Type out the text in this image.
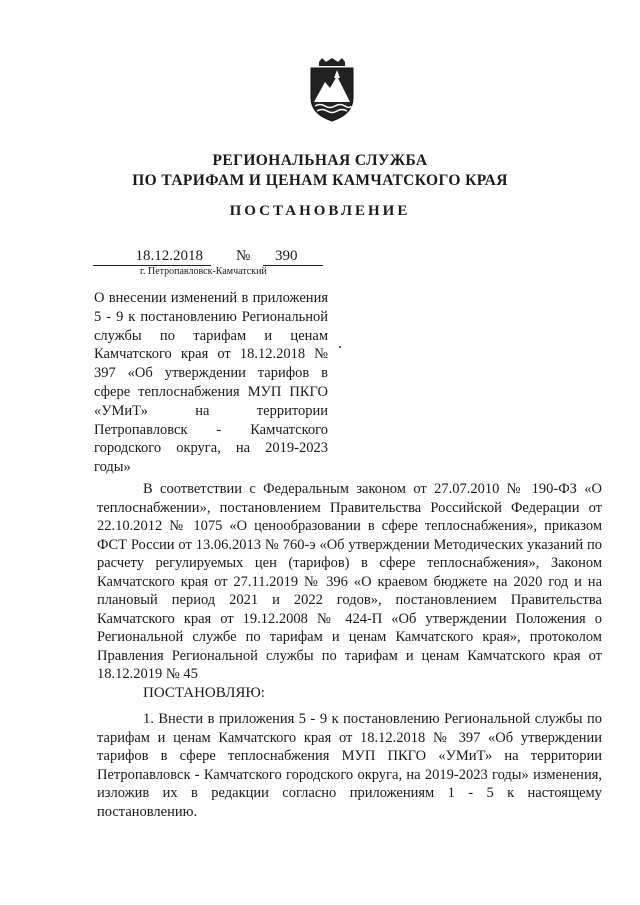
РЕГИОНАЛЬНАЯ СЛУЖБА
ПО ТАРИФАМ И ЦЕНАМ КАМЧАТСКОГО КРАЯ
ПОСТАНОВЛЕНИЕ
18.12.2018	№	390
г. Петропавловск-Камчатский
О внесении изменений в приложения 5 - 9 к постановлению Региональной службы по тарифам и ценам Камчатского края от 18.12.2018 № 397 «Об утверждении тарифов в сфере теплоснабжения МУП ПКГО «УМиТ» на территории Петропавловск - Камчатского городского округа, на 2019-2023 годы»
В соответствии с Федеральным законом от 27.07.2010 № 190-ФЗ «О теплоснабжении», постановлением Правительства Российской Федерации от 22.10.2012 № 1075 «О ценообразовании в сфере теплоснабжения», приказом ФСТ России от 13.06.2013 № 760-э «Об утверждении Методических указаний по расчету регулируемых цен (тарифов) в сфере теплоснабжения», Законом Камчатского края от 27.11.2019 № 396 «О краевом бюджете на 2020 год и на плановый период 2021 и 2022 годов», постановлением Правительства Камчатского края от 19.12.2008 № 424-П «Об утверждении Положения о Региональной службе по тарифам и ценам Камчатского края», протоколом Правления Региональной службы по тарифам и ценам Камчатского края от 18.12.2019 № 45
ПОСТАНОВЛЯЮ:
1. Внести в приложения 5 - 9 к постановлению Региональной службы по тарифам и ценам Камчатского края от 18.12.2018 № 397 «Об утверждении тарифов в сфере теплоснабжения МУП ПКГО «УМиТ» на территории Петропавловск - Камчатского городского округа, на 2019-2023 годы» изменения, изложив их в редакции согласно приложениям 1 - 5 к настоящему постановлению.
